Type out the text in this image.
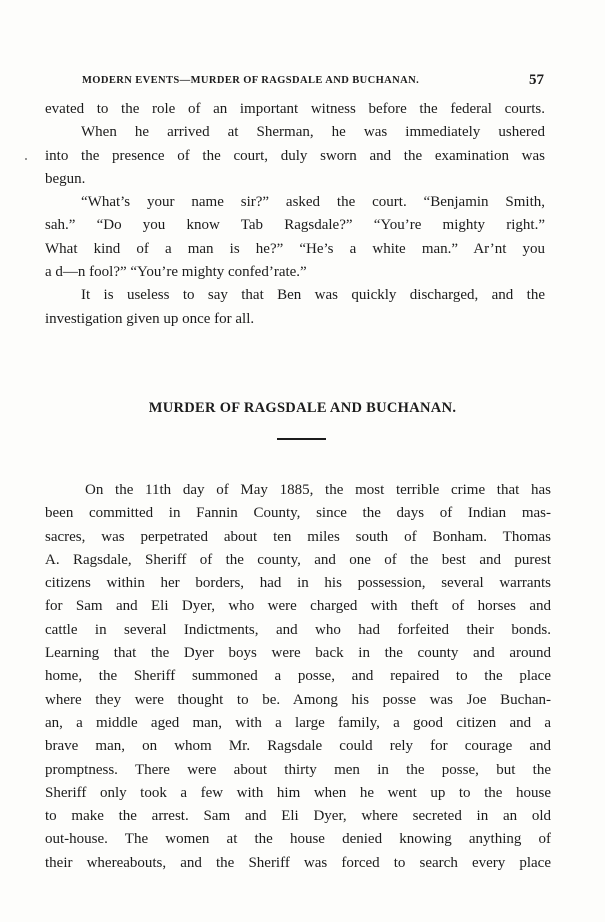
MODERN EVENTS—MURDER OF RAGSDALE AND BUCHANAN.	57
evated to the role of an important witness before the federal courts.
When he arrived at Sherman, he was immediately ushered
into the presence of the court, duly sworn and the examination was
begun.
“What’s your name sir?” asked the court. “Benjamin Smith,
sah.” “Do you know Tab Ragsdale?” “You’re mighty right.”
What kind of a man is he?” “He’s a white man.” Ar’nt you
a d—n fool?” “You’re mighty confed’rate.”
It is useless to say that Ben was quickly discharged, and the
investigation given up once for all.
MURDER OF RAGSDALE AND BUCHANAN.
On the 11th day of May 1885, the most terrible crime that has
been committed in Fannin County, since the days of Indian mas-
sacres, was perpetrated about ten miles south of Bonham. Thomas
A. Ragsdale, Sheriff of the county, and one of the best and purest
citizens within her borders, had in his possession, several warrants
for Sam and Eli Dyer, who were charged with theft of horses and
cattle in several Indictments, and who had forfeited their bonds.
Learning that the Dyer boys were back in the county and around
home, the Sheriff summoned a posse, and repaired to the place
where they were thought to be. Among his posse was Joe Buchan-
an, a middle aged man, with a large family, a good citizen and a
brave man, on whom Mr. Ragsdale could rely for courage and
promptness. There were about thirty men in the posse, but the
Sheriff only took a few with him when he went up to the house
to make the arrest. Sam and Eli Dyer, where secreted in an old
out-house. The women at the house denied knowing anything of
their whereabouts, and the Sheriff was forced to search every place
